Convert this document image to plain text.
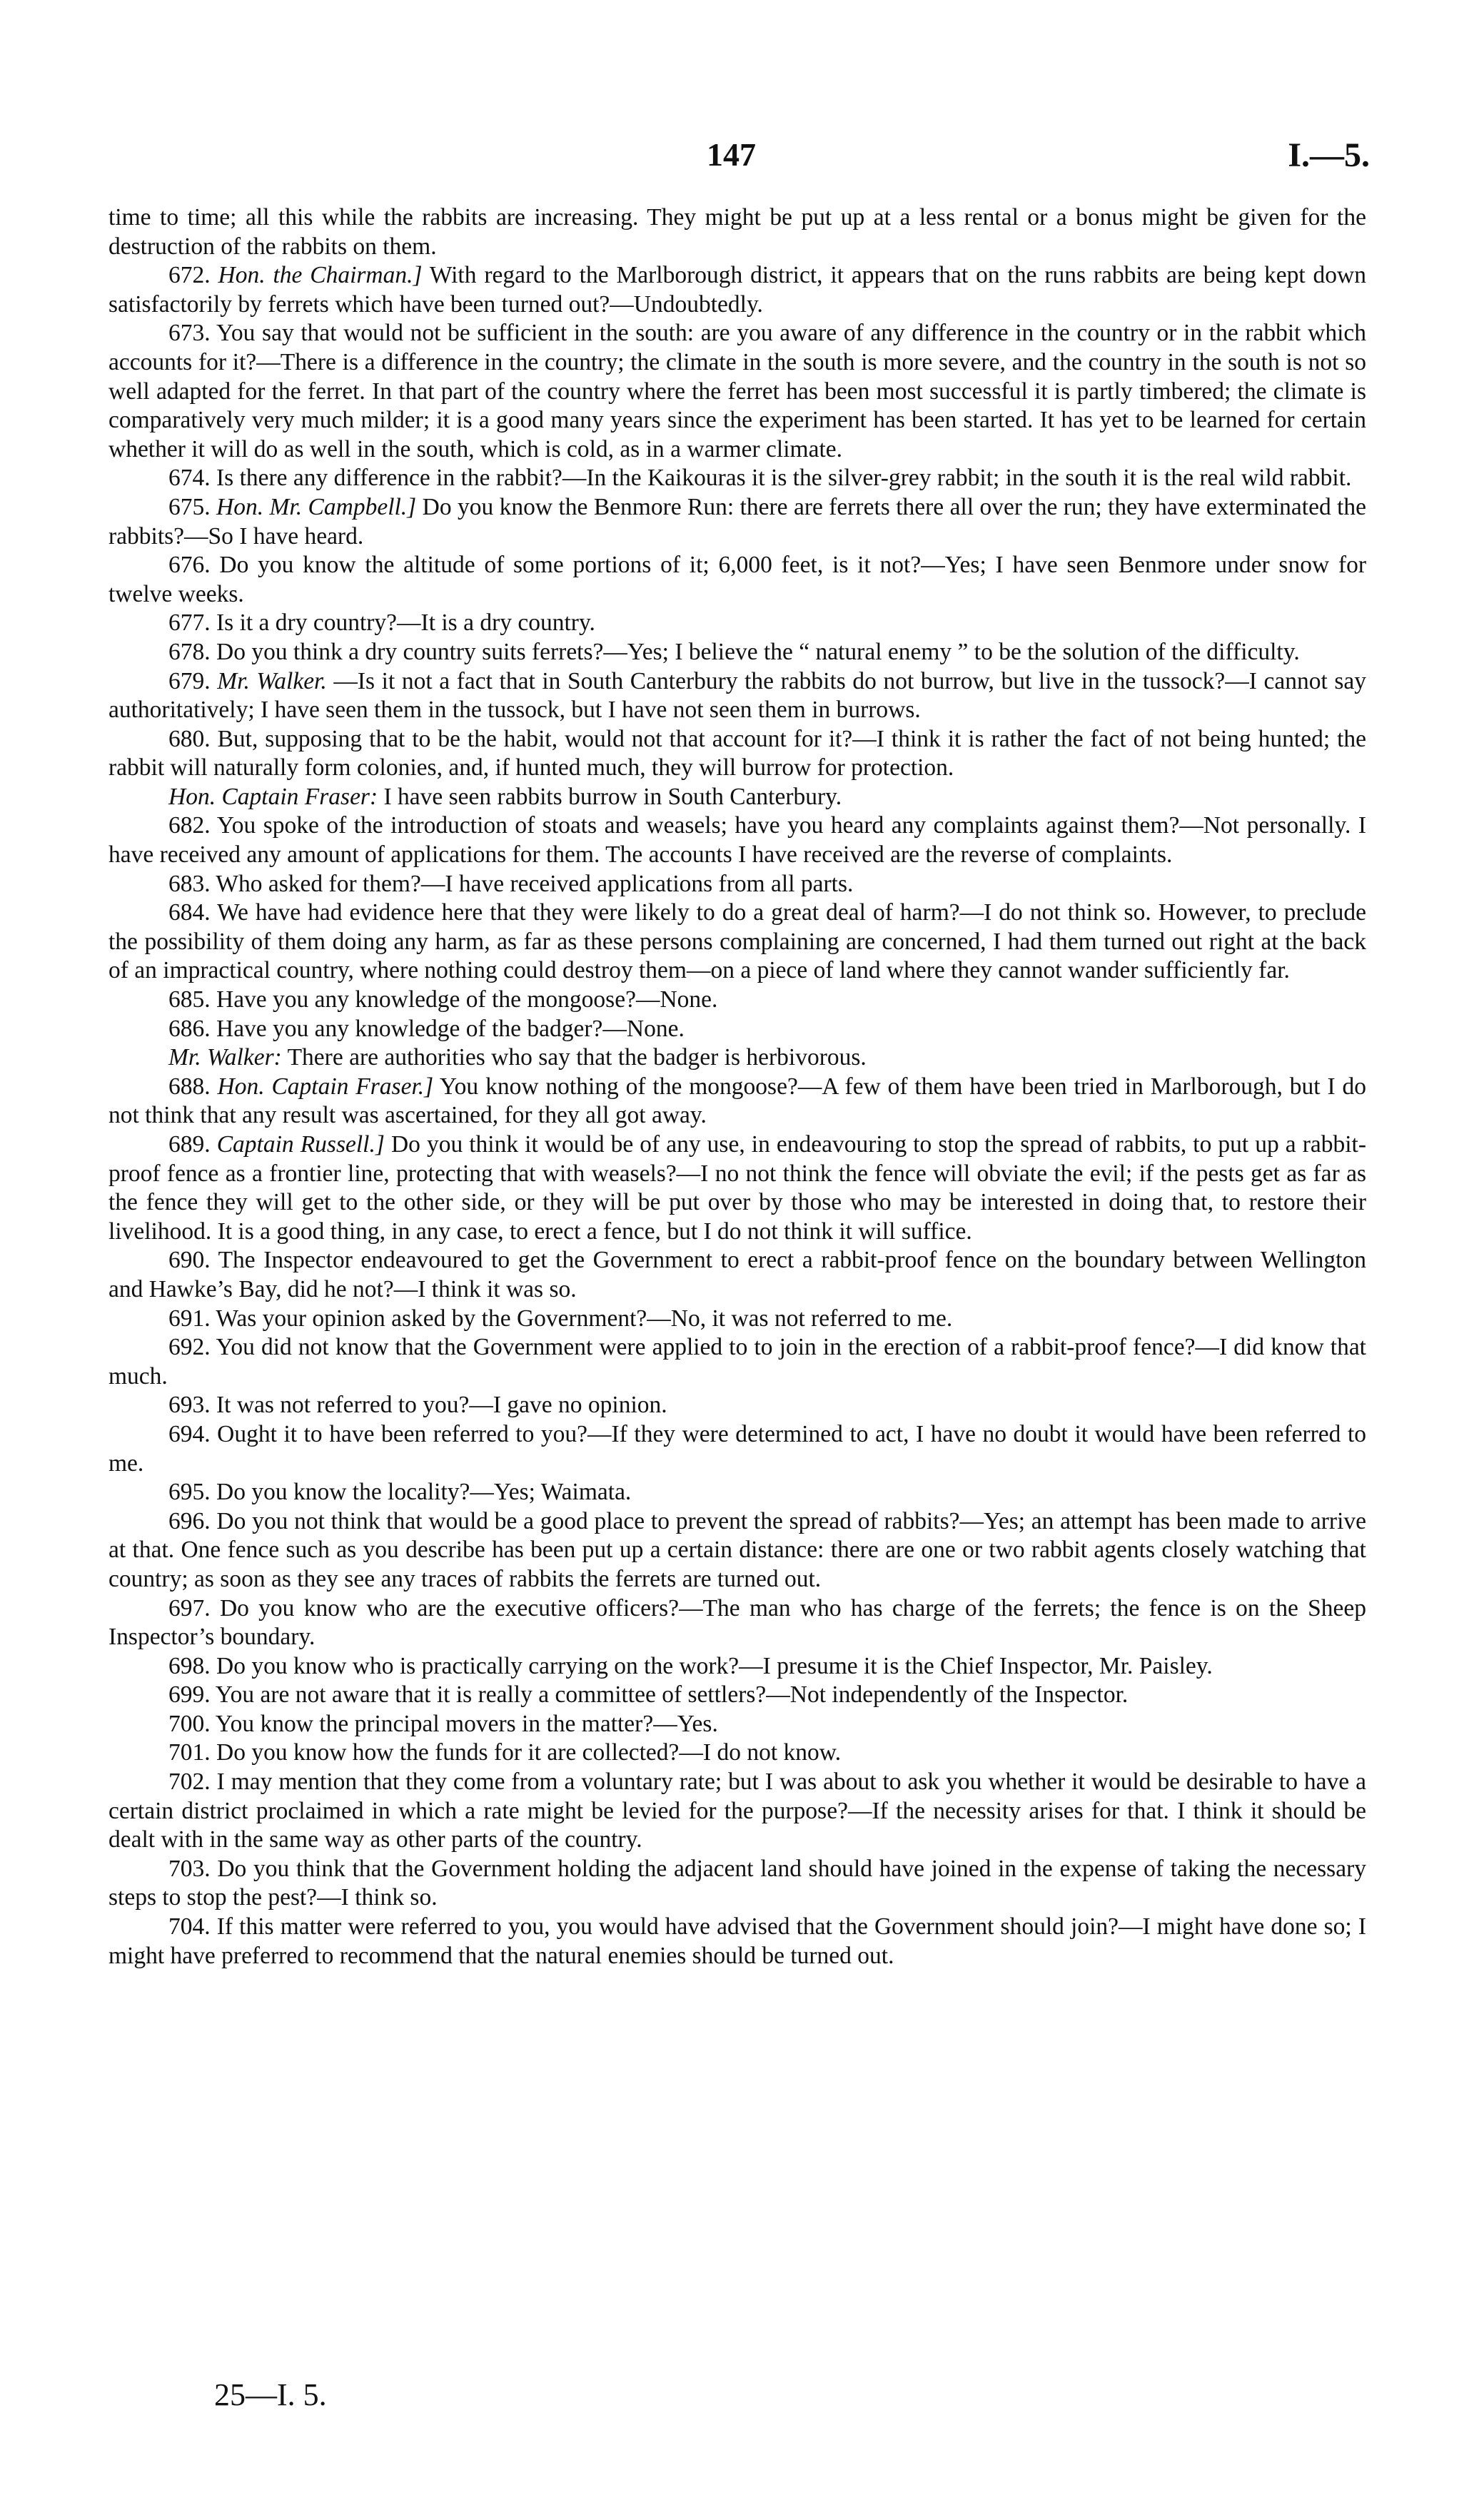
147	I.—5.

time to time; all this while the rabbits are increasing. They might be put up at a less rental or a bonus might be given for the destruction of the rabbits on them.

672. Hon. the Chairman.] With regard to the Marlborough district, it appears that on the runs rabbits are being kept down satisfactorily by ferrets which have been turned out?—Undoubtedly.

673. You say that would not be sufficient in the south: are you aware of any difference in the country or in the rabbit which accounts for it?—There is a difference in the country; the climate in the south is more severe, and the country in the south is not so well adapted for the ferret. In that part of the country where the ferret has been most successful it is partly timbered; the climate is comparatively very much milder; it is a good many years since the experiment has been started. It has yet to be learned for certain whether it will do as well in the south, which is cold, as in a warmer climate.

674. Is there any difference in the rabbit?—In the Kaikouras it is the silver-grey rabbit; in the south it is the real wild rabbit.

675. Hon. Mr. Campbell.] Do you know the Benmore Run: there are ferrets there all over the run; they have exterminated the rabbits?—So I have heard.

676. Do you know the altitude of some portions of it; 6,000 feet, is it not?—Yes; I have seen Benmore under snow for twelve weeks.

677. Is it a dry country?—It is a dry country.

678. Do you think a dry country suits ferrets?—Yes; I believe the “ natural enemy ” to be the solution of the difficulty.

679. Mr. Walker. —Is it not a fact that in South Canterbury the rabbits do not burrow, but live in the tussock?—I cannot say authoritatively; I have seen them in the tussock, but I have not seen them in burrows.

680. But, supposing that to be the habit, would not that account for it?—I think it is rather the fact of not being hunted; the rabbit will naturally form colonies, and, if hunted much, they will burrow for protection.

Hon. Captain Fraser: I have seen rabbits burrow in South Canterbury.

682. You spoke of the introduction of stoats and weasels; have you heard any complaints against them?—Not personally. I have received any amount of applications for them. The accounts I have received are the reverse of complaints.

683. Who asked for them?—I have received applications from all parts.

684. We have had evidence here that they were likely to do a great deal of harm?—I do not think so. However, to preclude the possibility of them doing any harm, as far as these persons complaining are concerned, I had them turned out right at the back of an impractical country, where nothing could destroy them—on a piece of land where they cannot wander sufficiently far.

685. Have you any knowledge of the mongoose?—None.

686. Have you any knowledge of the badger?—None.

Mr. Walker: There are authorities who say that the badger is herbivorous.

688. Hon. Captain Fraser.] You know nothing of the mongoose?—A few of them have been tried in Marlborough, but I do not think that any result was ascertained, for they all got away.

689. Captain Russell.] Do you think it would be of any use, in endeavouring to stop the spread of rabbits, to put up a rabbit-proof fence as a frontier line, protecting that with weasels?—I no not think the fence will obviate the evil; if the pests get as far as the fence they will get to the other side, or they will be put over by those who may be interested in doing that, to restore their livelihood. It is a good thing, in any case, to erect a fence, but I do not think it will suffice.

690. The Inspector endeavoured to get the Government to erect a rabbit-proof fence on the boundary between Wellington and Hawke’s Bay, did he not?—I think it was so.

691. Was your opinion asked by the Government?—No, it was not referred to me.

692. You did not know that the Government were applied to to join in the erection of a rabbit-proof fence?—I did know that much.

693. It was not referred to you?—I gave no opinion.

694. Ought it to have been referred to you?—If they were determined to act, I have no doubt it would have been referred to me.

695. Do you know the locality?—Yes; Waimata.

696. Do you not think that would be a good place to prevent the spread of rabbits?—Yes; an attempt has been made to arrive at that. One fence such as you describe has been put up a certain distance: there are one or two rabbit agents closely watching that country; as soon as they see any traces of rabbits the ferrets are turned out.

697. Do you know who are the executive officers?—The man who has charge of the ferrets; the fence is on the Sheep Inspector’s boundary.

698. Do you know who is practically carrying on the work?—I presume it is the Chief Inspector, Mr. Paisley.

699. You are not aware that it is really a committee of settlers?—Not independently of the Inspector.

700. You know the principal movers in the matter?—Yes.

701. Do you know how the funds for it are collected?—I do not know.

702. I may mention that they come from a voluntary rate; but I was about to ask you whether it would be desirable to have a certain district proclaimed in which a rate might be levied for the purpose?—If the necessity arises for that. I think it should be dealt with in the same way as other parts of the country.

703. Do you think that the Government holding the adjacent land should have joined in the expense of taking the necessary steps to stop the pest?—I think so.

704. If this matter were referred to you, you would have advised that the Government should join?—I might have done so; I might have preferred to recommend that the natural enemies should be turned out.

25—I. 5.
